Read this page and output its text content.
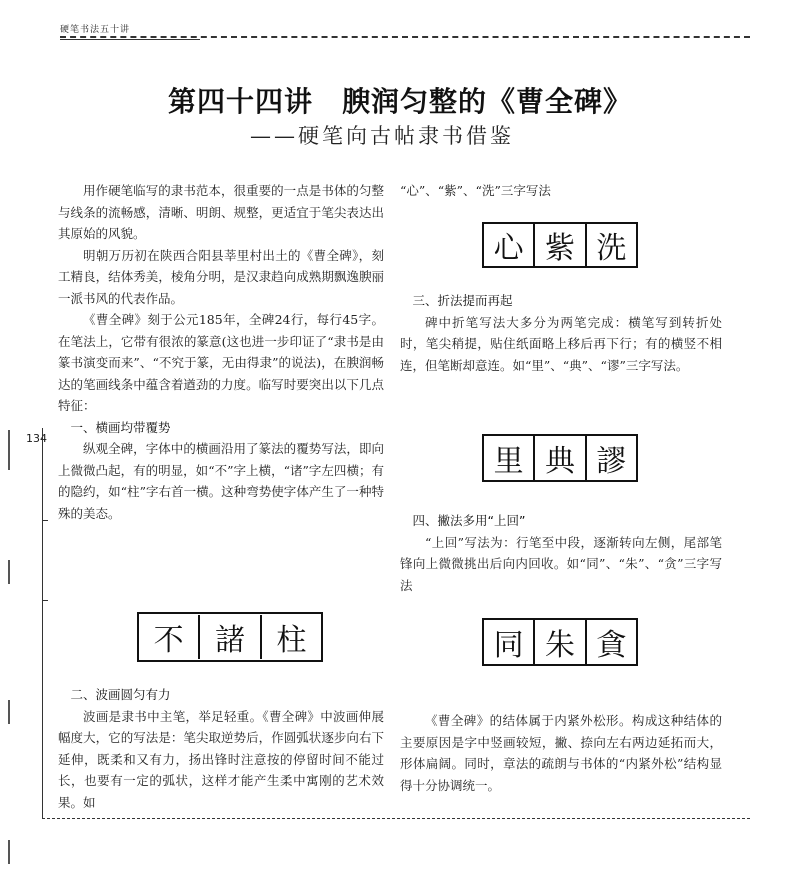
硬笔书法五十讲
第四十四讲　腴润匀整的《曹全碑》
——硬笔向古帖隶书借鉴
134

用作硬笔临写的隶书范本，很重要的一点是书体的匀整与线条的流畅感，清晰、明朗、规整，更适宜于笔尖表达出其原始的风貌。

明朝万历初在陕西合阳县莘里村出土的《曹全碑》，刻工精良，结体秀美，棱角分明，是汉隶趋向成熟期飘逸腴丽一派书风的代表作品。

《曹全碑》刻于公元185年，全碑24行，每行45字。在笔法上，它带有很浓的篆意(这也进一步印证了“隶书是由篆书演变而来”、“不究于篆，无由得隶”的说法)，在腴润畅达的笔画线条中蕴含着遒劲的力度。临写时要突出以下几点特征：

一、横画均带覆势

纵观全碑，字体中的横画沿用了篆法的覆势写法，即向上微微凸起，有的明显，如“不”字上横，“诸”字左四横；有的隐约，如“柱”字右首一横。这种弯势使字体产生了一种特殊的美态。

不	諸	柱

二、波画圆匀有力

波画是隶书中主笔，举足轻重。《曹全碑》中波画伸展幅度大，它的写法是：笔尖取逆势后，作圆弧状逐步向右下延伸，既柔和又有力，扬出锋时注意按的停留时间不能过长，也要有一定的弧状，这样才能产生柔中寓刚的艺术效果。如

“心”、“紫”、“洗”三字写法

心 紫 洗

三、折法提而再起

碑中折笔写法大多分为两笔完成：横笔写到转折处时，笔尖稍提，贴住纸面略上移后再下行；有的横竖不相连，但笔断却意连。如“里”、“典”、“谬”三字写法。

里 典 謬

四、撇法多用“上回”

“上回”写法为：行笔至中段，逐渐转向左侧，尾部笔锋向上微微挑出后向内回收。如“同”、“朱”、“贪”三字写法

同 朱 貪

《曹全碑》的结体属于内紧外松形。构成这种结体的主要原因是字中竖画较短，撇、捺向左右两边延拓而大，形体扁阔。同时，章法的疏朗与书体的“内紧外松”结构显得十分协调统一。
